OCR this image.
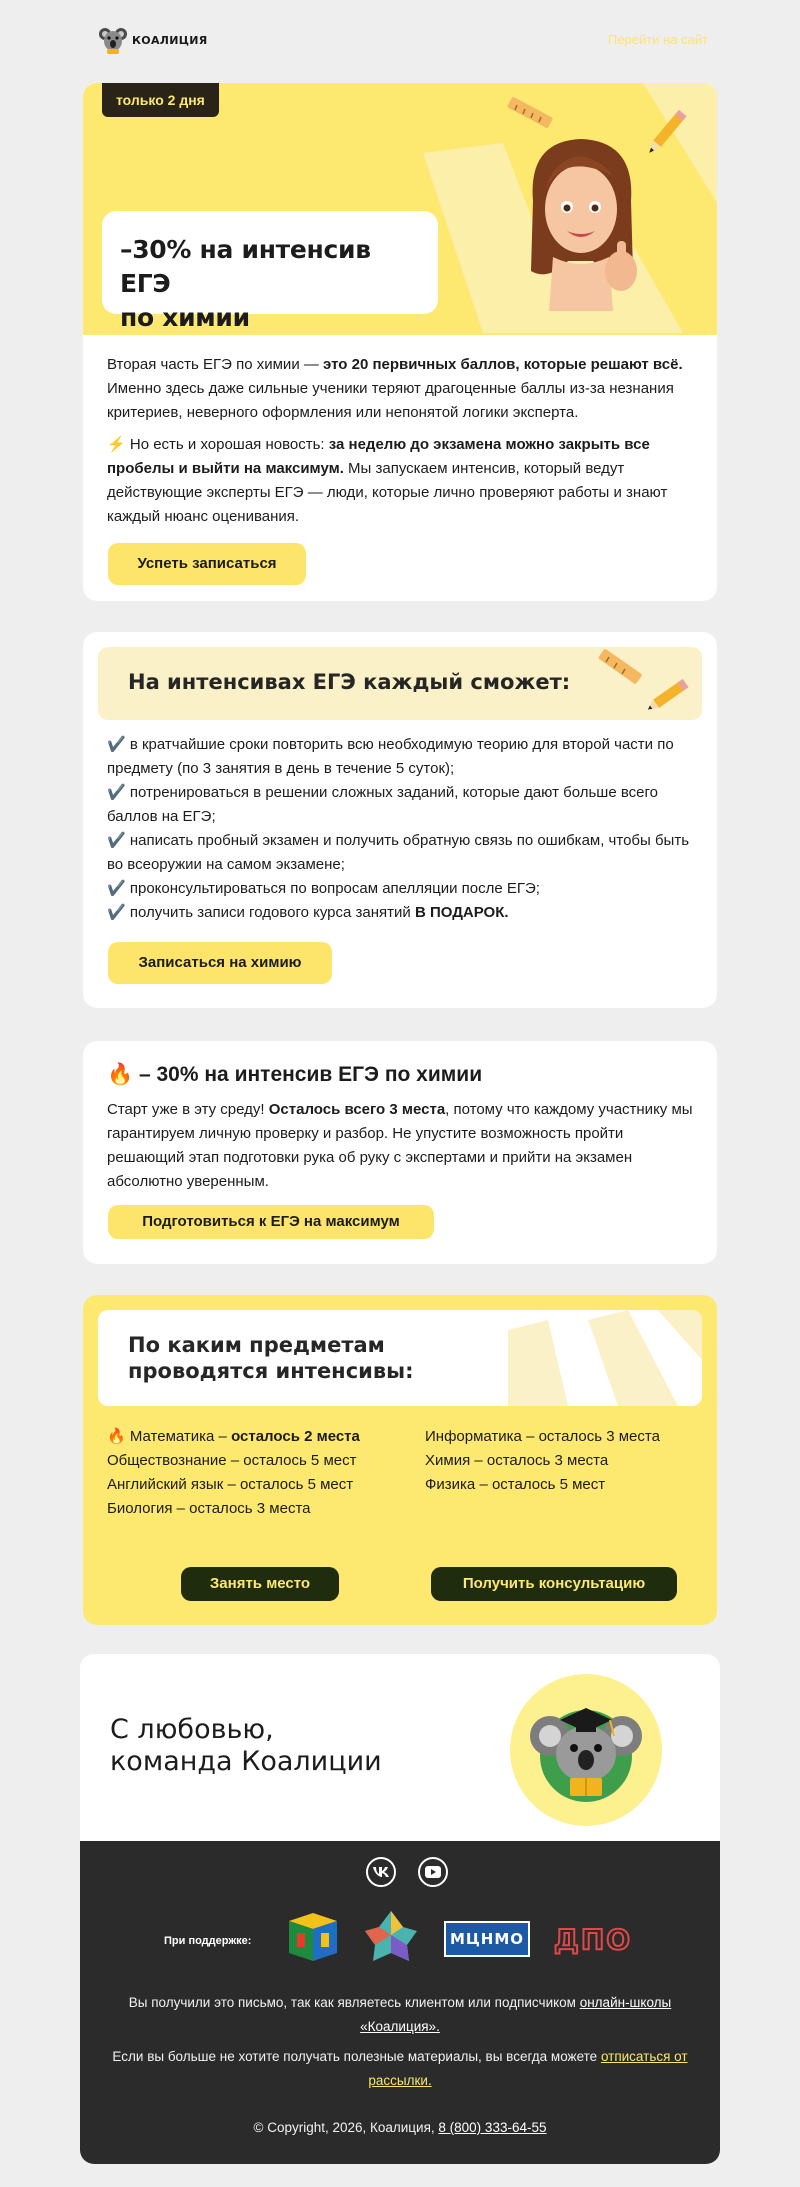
КОАЛИЦИЯ	Перейти на сайт
только 2 дня
–30% на интенсив ЕГЭ
по химии

Вторая часть ЕГЭ по химии — это 20 первичных баллов, которые решают всё. Именно здесь даже сильные ученики теряют драгоценные баллы из-за незнания критериев, неверного оформления или непонятой логики эксперта.

⚡ Но есть и хорошая новость: за неделю до экзамена можно закрыть все пробелы и выйти на максимум. Мы запускаем интенсив, который ведут действующие эксперты ЕГЭ — люди, которые лично проверяют работы и знают каждый нюанс оценивания.

Успеть записаться
На интенсивах ЕГЭ каждый сможет:
✔️ в кратчайшие сроки повторить всю необходимую теорию для второй части по предмету (по 3 занятия в день в течение 5 суток);
✔️ потренироваться в решении сложных заданий, которые дают больше всего баллов на ЕГЭ;
✔️ написать пробный экзамен и получить обратную связь по ошибкам, чтобы быть во всеоружии на самом экзамене;
✔️ проконсультироваться по вопросам апелляции после ЕГЭ;
✔️ получить записи годового курса занятий В ПОДАРОК.
Записаться на химию
🔥 – 30% на интенсив ЕГЭ по химии
Старт уже в эту среду! Осталось всего 3 места, потому что каждому участнику мы гарантируем личную проверку и разбор. Не упустите возможность пройти решающий этап подготовки рука об руку с экспертами и прийти на экзамен абсолютно уверенным.
Подготовиться к ЕГЭ на максимум
По каким предметам
проводятся интенсивы:
🔥 Математика – осталось 2 места
Обществознание – осталось 5 мест
Английский язык – осталось 5 мест
Биология – осталось 3 места
Информатика – осталось 3 места
Химия – осталось 3 места
Физика – осталось 5 мест
Занять место	Получить консультацию
С любовью,
команда Коалиции
При поддержке:	МЦНМО ДПО
Вы получили это письмо, так как являетесь клиентом или подписчиком онлайн-школы «Коалиция».
Если вы больше не хотите получать полезные материалы, вы всегда можете отписаться от рассылки.
© Copyright, 2026, Коалиция, 8 (800) 333-64-55
